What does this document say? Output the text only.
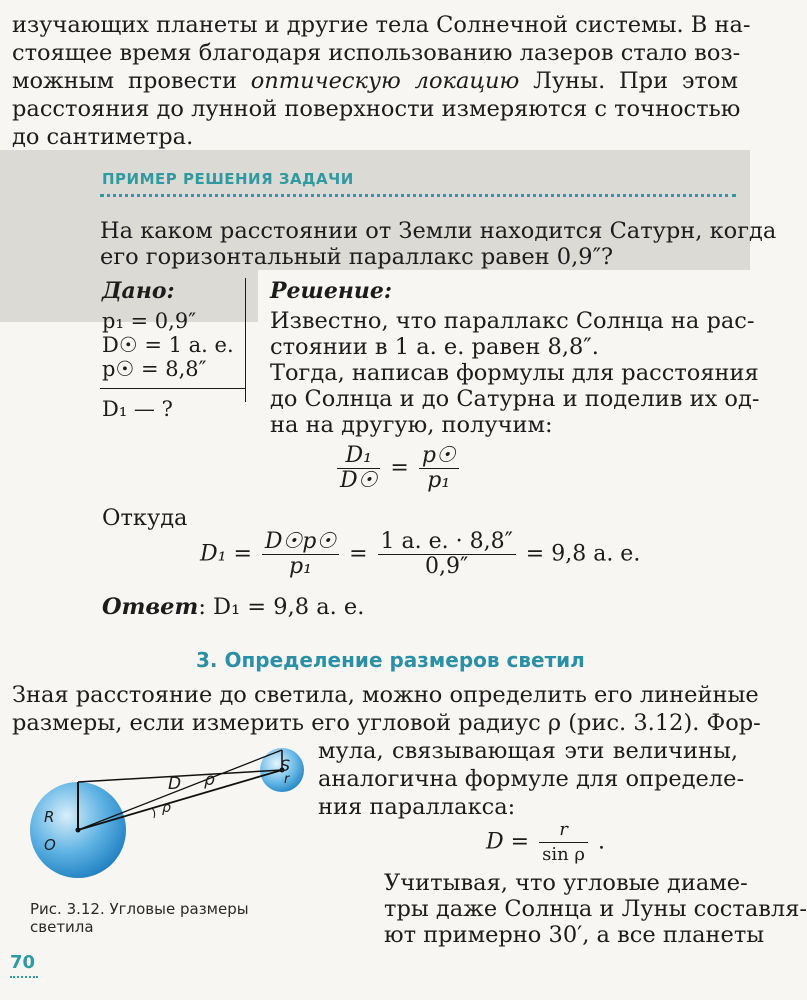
изучающих планеты и другие тела Солнечной системы. В на-
стоящее время благодаря использованию лазеров стало воз-
можным провести оптическую локацию Луны. При этом
расстояния до лунной поверхности измеряются с точностью
до сантиметра.
ПРИМЕР РЕШЕНИЯ ЗАДАЧИ
На каком расстоянии от Земли находится Сатурн, когда
его горизонтальный параллакс равен 0,9″?
Дано:
p₁ = 0,9″
D☉ = 1 а. е.
p☉ = 8,8″
D₁ — ?
Решение:
Известно, что параллакс Солнца на рас-
стоянии в 1 а. е. равен 8,8″.
Тогда, написав формулы для расстояния
до Солнца и до Сатурна и поделив их од-
на на другую, получим:
$\frac{\text{D₁}}{D☉} = \frac{p☉}{\text{p₁}}$
Откуда
$D_1 = \frac{D☉p☉}{\text{p₁}} = \frac{1 а. е. \cdot 8,8''}{0,9''} = 9,8$ а. е.
Ответ: D₁ = 9,8 а. е.
3. Определение размеров светил
Зная расстояние до светила, можно определить его линейные
размеры, если измерить его угловой радиус ρ (рис. 3.12). Фор-
мула, связывающая эти величины,
аналогична формуле для определе-
ния параллакса:
$D = \frac{r}{\text{sin ρ}}$ .
Учитывая, что угловые диаме-
тры даже Солнца и Луны составля-
ют примерно 30′, а все планеты
R
O
D ρ
S
r
ρ
Рис. 3.12. Угловые размеры
светила
70
